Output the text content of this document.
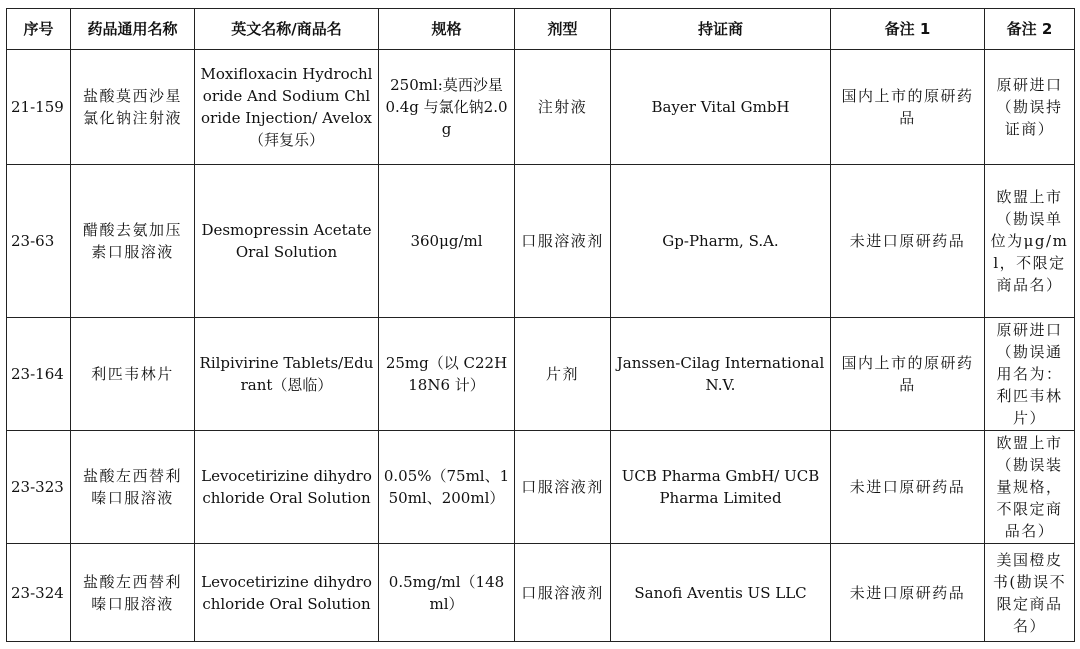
序号	药品通用名称	英文名称/商品名	规格	剂型	持证商	备注 1	备注 2
21-159	盐酸莫西沙星氯化钠注射液	Moxifloxacin Hydrochloride And Sodium Chloride Injection/ Avelox（拜复乐）	250ml:莫西沙星0.4g 与氯化钠2.0g	注射液	Bayer Vital GmbH	国内上市的原研药品	原研进口（勘误持证商）
23-63	醋酸去氨加压素口服溶液	Desmopressin Acetate Oral Solution	360μg/ml	口服溶液剂	Gp-Pharm, S.A.	未进口原研药品	欧盟上市（勘误单位为μg/ml，不限定商品名）
23-164	利匹韦林片	Rilpivirine Tablets/Edurant（恩临）	25mg（以 C22H18N6 计）	片剂	Janssen-Cilag International N.V.	国内上市的原研药品	原研进口（勘误通用名为：利匹韦林片）
23-323	盐酸左西替利嗪口服溶液	Levocetirizine dihydrochloride Oral Solution	0.05%（75ml、150ml、200ml）	口服溶液剂	UCB Pharma GmbH/ UCB Pharma Limited	未进口原研药品	欧盟上市（勘误装量规格，不限定商品名）
23-324	盐酸左西替利嗪口服溶液	Levocetirizine dihydrochloride Oral Solution	0.5mg/ml（148ml）	口服溶液剂	Sanofi Aventis US LLC	未进口原研药品	美国橙皮书(勘误不限定商品名）
